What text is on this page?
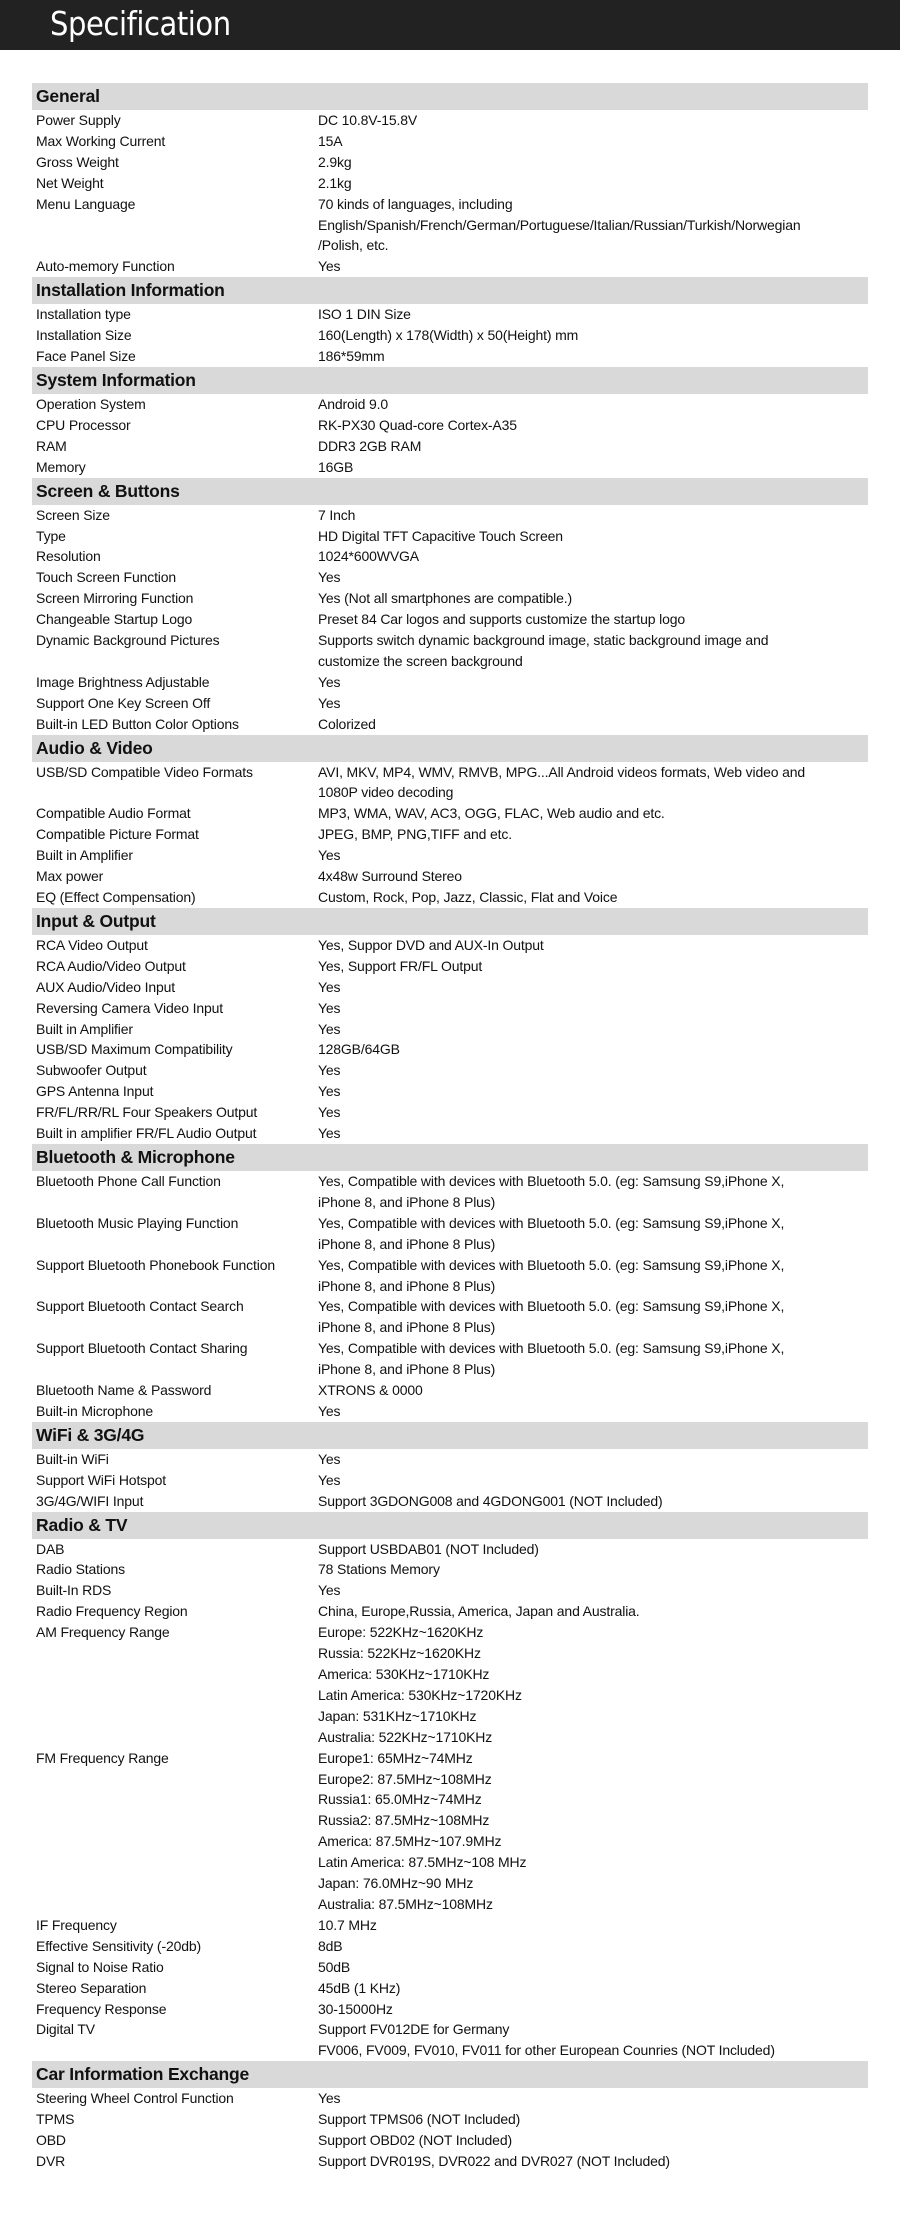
Specification
General
Power Supply	DC 10.8V-15.8V
Max Working Current	15A
Gross Weight	2.9kg
Net Weight	2.1kg
Menu Language	70 kinds of languages, including
English/Spanish/French/German/Portuguese/Italian/Russian/Turkish/Norwegian
/Polish, etc.
Auto-memory Function	Yes
Installation Information
Installation type	ISO 1 DIN Size
Installation Size	160(Length) x 178(Width) x 50(Height) mm
Face Panel Size	186*59mm
System Information
Operation System	Android 9.0
CPU Processor	RK-PX30 Quad-core Cortex-A35
RAM	DDR3 2GB RAM
Memory	16GB
Screen & Buttons
Screen Size	7 Inch
Type	HD Digital TFT Capacitive Touch Screen
Resolution	1024*600WVGA
Touch Screen Function	Yes
Screen Mirroring Function	Yes (Not all smartphones are compatible.)
Changeable Startup Logo	Preset 84 Car logos and supports customize the startup logo
Dynamic Background Pictures	Supports switch dynamic background image, static background image and
customize the screen background
Image Brightness Adjustable	Yes
Support One Key Screen Off	Yes
Built-in LED Button Color Options	Colorized
Audio & Video
USB/SD Compatible Video Formats	AVI, MKV, MP4, WMV, RMVB, MPG...All Android videos formats, Web video and
1080P video decoding
Compatible Audio Format	MP3, WMA, WAV, AC3, OGG, FLAC, Web audio and etc.
Compatible Picture Format	JPEG, BMP, PNG,TIFF and etc.
Built in Amplifier	Yes
Max power	4x48w Surround Stereo
EQ (Effect Compensation)	Custom, Rock, Pop, Jazz, Classic, Flat and Voice
Input & Output
RCA Video Output	Yes, Suppor DVD and AUX-In Output
RCA Audio/Video Output	Yes, Support FR/FL Output
AUX Audio/Video Input	Yes
Reversing Camera Video Input	Yes
Built in Amplifier	Yes
USB/SD Maximum Compatibility	128GB/64GB
Subwoofer Output	Yes
GPS Antenna Input	Yes
FR/FL/RR/RL Four Speakers Output	Yes
Built in amplifier FR/FL Audio Output	Yes
Bluetooth & Microphone
Bluetooth Phone Call Function	Yes, Compatible with devices with Bluetooth 5.0. (eg: Samsung S9,iPhone X,
iPhone 8, and iPhone 8 Plus)
Bluetooth Music Playing Function	Yes, Compatible with devices with Bluetooth 5.0. (eg: Samsung S9,iPhone X,
iPhone 8, and iPhone 8 Plus)
Support Bluetooth Phonebook Function	Yes, Compatible with devices with Bluetooth 5.0. (eg: Samsung S9,iPhone X,
iPhone 8, and iPhone 8 Plus)
Support Bluetooth Contact Search	Yes, Compatible with devices with Bluetooth 5.0. (eg: Samsung S9,iPhone X,
iPhone 8, and iPhone 8 Plus)
Support Bluetooth Contact Sharing	Yes, Compatible with devices with Bluetooth 5.0. (eg: Samsung S9,iPhone X,
iPhone 8, and iPhone 8 Plus)
Bluetooth Name & Password	XTRONS & 0000
Built-in Microphone	Yes
WiFi & 3G/4G
Built-in WiFi	Yes
Support WiFi Hotspot	Yes
3G/4G/WIFI Input	Support 3GDONG008 and 4GDONG001 (NOT Included)
Radio & TV
DAB	Support USBDAB01 (NOT Included)
Radio Stations	78 Stations Memory
Built-In RDS	Yes
Radio Frequency Region	China, Europe,Russia, America, Japan and Australia.
AM Frequency Range	Europe: 522KHz~1620KHz
Russia: 522KHz~1620KHz
America: 530KHz~1710KHz
Latin America: 530KHz~1720KHz
Japan: 531KHz~1710KHz
Australia: 522KHz~1710KHz
FM Frequency Range	Europe1: 65MHz~74MHz
Europe2: 87.5MHz~108MHz
Russia1: 65.0MHz~74MHz
Russia2: 87.5MHz~108MHz
America: 87.5MHz~107.9MHz
Latin America: 87.5MHz~108 MHz
Japan: 76.0MHz~90 MHz
Australia: 87.5MHz~108MHz
IF Frequency	10.7 MHz
Effective Sensitivity (-20db)	8dB
Signal to Noise Ratio	50dB
Stereo Separation	45dB (1 KHz)
Frequency Response	30-15000Hz
Digital TV	Support FV012DE for Germany
FV006, FV009, FV010, FV011 for other European Counries (NOT Included)
Car Information Exchange
Steering Wheel Control Function	Yes
TPMS	Support TPMS06 (NOT Included)
OBD	Support OBD02 (NOT Included)
DVR	Support DVR019S, DVR022 and DVR027 (NOT Included)
